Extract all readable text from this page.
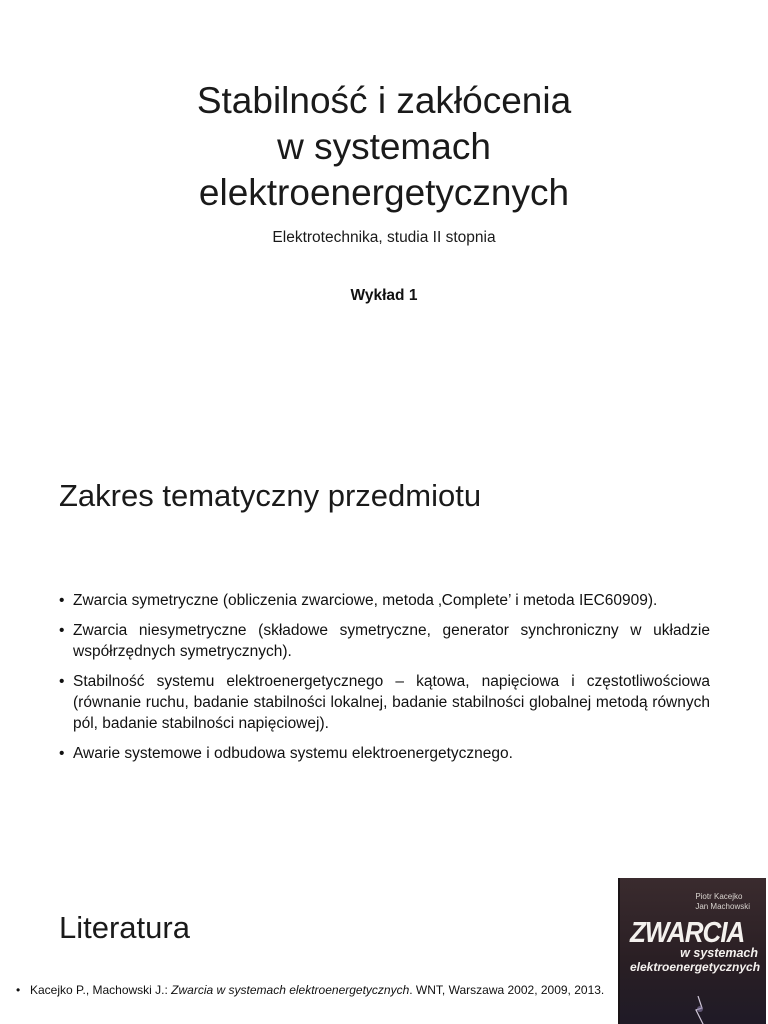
Stabilność i zakłócenia
w systemach
elektroenergetycznych
Elektrotechnika, studia II stopnia
Wykład 1
Zakres tematyczny przedmiotu
• Zwarcia symetryczne (obliczenia zwarciowe, metoda ‚Complete’ i metoda IEC60909).
• Zwarcia niesymetryczne (składowe symetryczne, generator synchroniczny w układzie współrzędnych symetrycznych).
• Stabilność systemu elektroenergetycznego – kątowa, napięciowa i częstotliwościowa (równanie ruchu, badanie stabilności lokalnej, badanie stabilności globalnej metodą równych pól, badanie stabilności napięciowej).
• Awarie systemowe i odbudowa systemu elektroenergetycznego.
Literatura
• Kacejko P., Machowski J.: Zwarcia w systemach elektroenergetycznych. WNT, Warszawa 2002, 2009, 2013.
Piotr Kacejko
Jan Machowski
ZWARCIA
w systemach
elektroenergetycznych
